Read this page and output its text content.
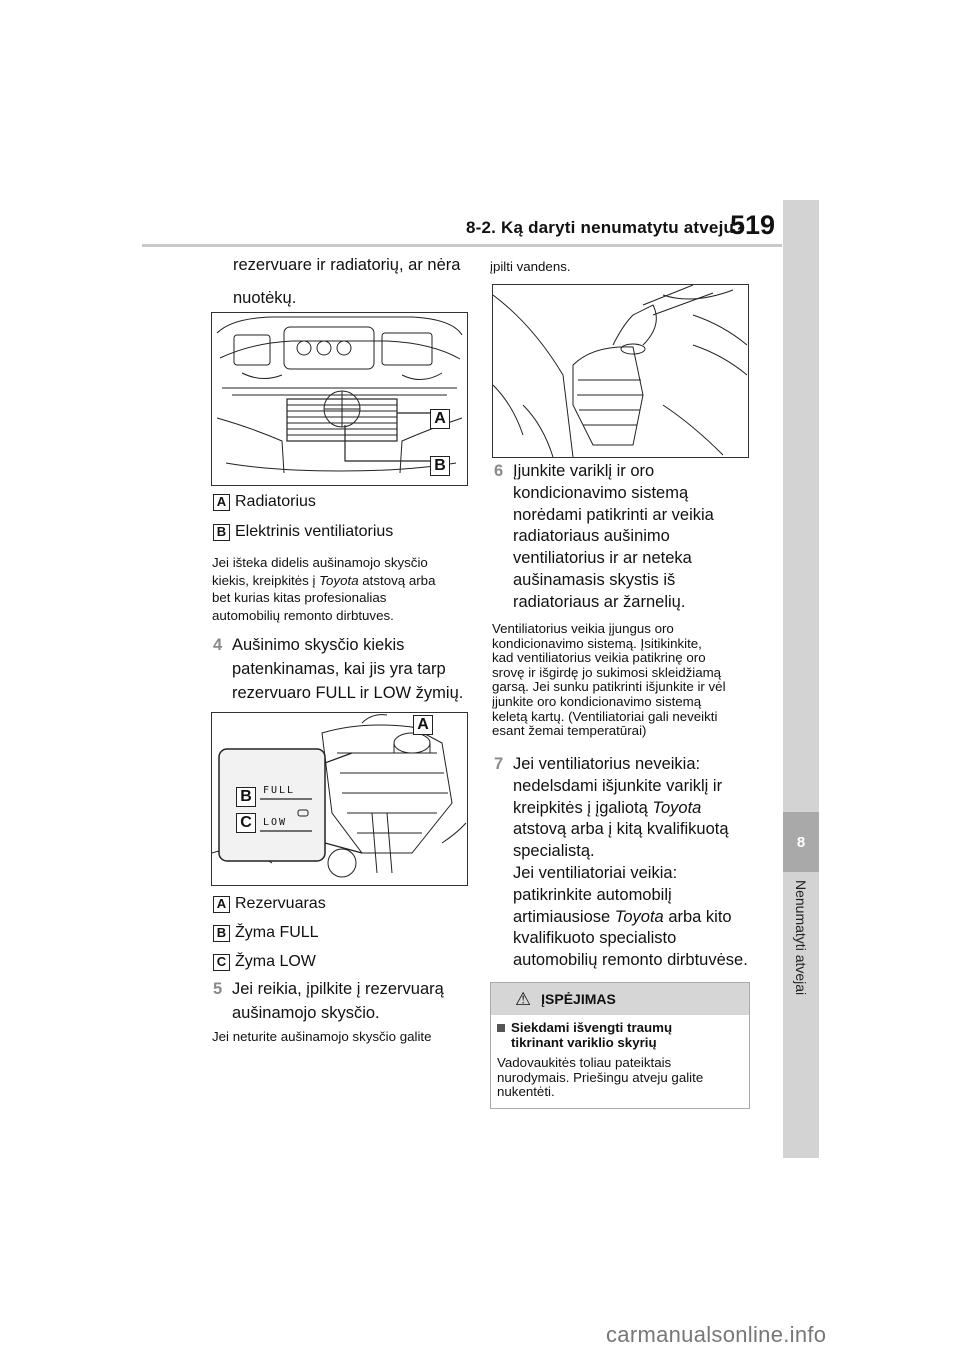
8-2. Ką daryti nenumatytu atveju?
519
8
Nenumatyti atvejai
rezervuare ir radiatorių, ar nėra
nuotėkų.
A
B
A Radiatorius
B Elektrinis ventiliatorius
Jei išteka didelis aušinamojo skysčio
kiekis, kreipkitės į Toyota atstovą arba
bet kurias kitas profesionalias
automobilių remonto dirbtuves.
4 Aušinimo skysčio kiekis
patenkinamas, kai jis yra tarp
rezervuaro FULL ir LOW žymių.
FULL
LOW
A
B
C
A Rezervuaras
B Žyma FULL
C Žyma LOW
5 Jei reikia, įpilkite į rezervuarą
aušinamojo skysčio.
Jei neturite aušinamojo skysčio galite
įpilti vandens.
6 Įjunkite variklį ir oro
kondicionavimo sistemą
norėdami patikrinti ar veikia
radiatoriaus aušinimo
ventiliatorius ir ar neteka
aušinamasis skystis iš
radiatoriaus ar žarnelių.
Ventiliatorius veikia įjungus oro
kondicionavimo sistemą. Įsitikinkite,
kad ventiliatorius veikia patikrinę oro
srovę ir išgirdę jo sukimosi skleidžiamą
garsą. Jei sunku patikrinti išjunkite ir vėl
įjunkite oro kondicionavimo sistemą
keletą kartų. (Ventiliatoriai gali neveikti
esant žemai temperatūrai)
7 Jei ventiliatorius neveikia:
nedelsdami išjunkite variklį ir
kreipkitės į įgaliotą Toyota
atstovą arba į kitą kvalifikuotą
specialistą.
Jei ventiliatoriai veikia:
patikrinkite automobilį
artimiausiose Toyota arba kito
kvalifikuoto specialisto
automobilių remonto dirbtuvėse.
⚠ ĮSPĖJIMAS
Siekdami išvengti traumų
tikrinant variklio skyrių
Vadovaukitės toliau pateiktais
nurodymais. Priešingu atveju galite
nukentėti.
carmanualsonline.info
